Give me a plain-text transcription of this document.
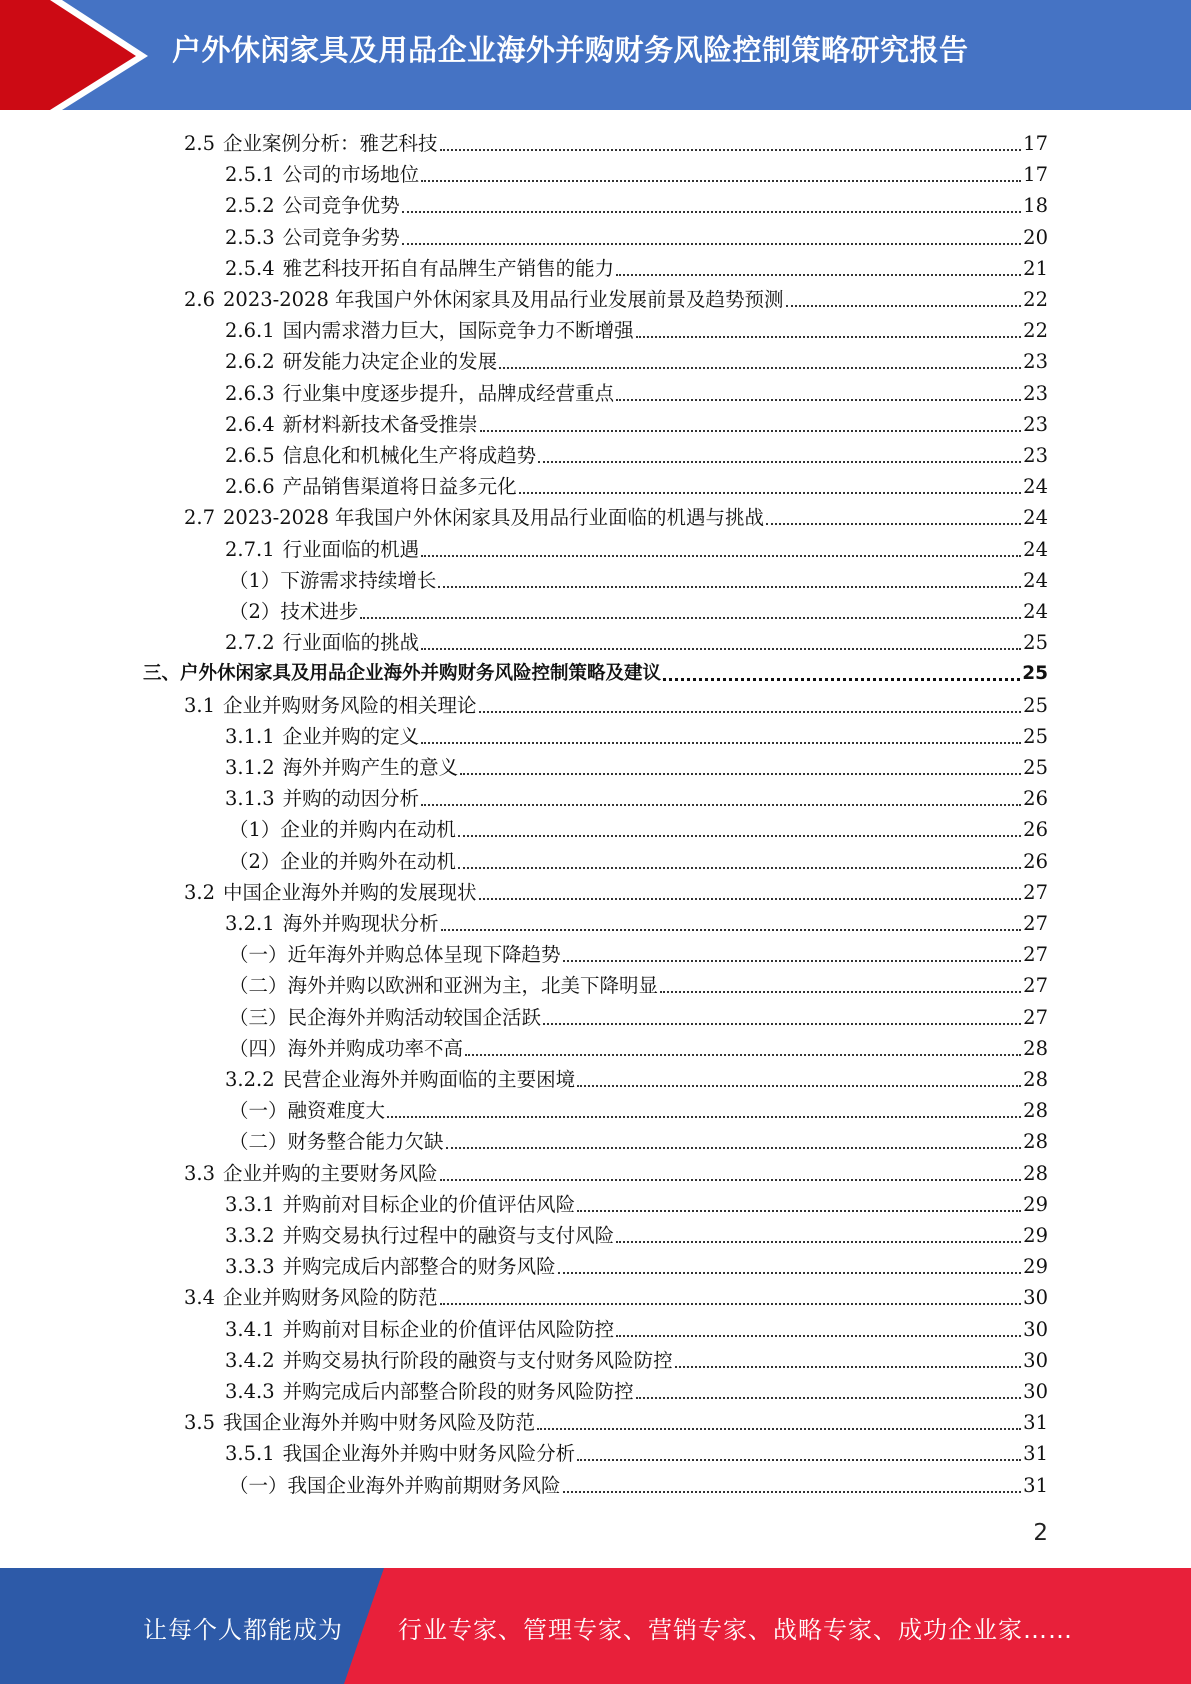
户外休闲家具及用品企业海外并购财务风险控制策略研究报告
2.5 企业案例分析：雅艺科技	17
2.5.1 公司的市场地位	17
2.5.2 公司竞争优势	18
2.5.3 公司竞争劣势	20
2.5.4 雅艺科技开拓自有品牌生产销售的能力	21
2.6 2023-2028 年我国户外休闲家具及用品行业发展前景及趋势预测	22
2.6.1 国内需求潜力巨大，国际竞争力不断增强	22
2.6.2 研发能力决定企业的发展	23
2.6.3 行业集中度逐步提升，品牌成经营重点	23
2.6.4 新材料新技术备受推崇	23
2.6.5 信息化和机械化生产将成趋势	23
2.6.6 产品销售渠道将日益多元化	24
2.7 2023-2028 年我国户外休闲家具及用品行业面临的机遇与挑战	24
2.7.1 行业面临的机遇	24
（1）下游需求持续增长	24
（2）技术进步	24
2.7.2 行业面临的挑战	25
三、户外休闲家具及用品企业海外并购财务风险控制策略及建议	25
3.1 企业并购财务风险的相关理论	25
3.1.1 企业并购的定义	25
3.1.2 海外并购产生的意义	25
3.1.3 并购的动因分析	26
（1）企业的并购内在动机	26
（2）企业的并购外在动机	26
3.2 中国企业海外并购的发展现状	27
3.2.1 海外并购现状分析	27
（一）近年海外并购总体呈现下降趋势	27
（二）海外并购以欧洲和亚洲为主，北美下降明显	27
（三）民企海外并购活动较国企活跃	27
（四）海外并购成功率不高	28
3.2.2 民营企业海外并购面临的主要困境	28
（一）融资难度大	28
（二）财务整合能力欠缺	28
3.3 企业并购的主要财务风险	28
3.3.1 并购前对目标企业的价值评估风险	29
3.3.2 并购交易执行过程中的融资与支付风险	29
3.3.3 并购完成后内部整合的财务风险	29
3.4 企业并购财务风险的防范	30
3.4.1 并购前对目标企业的价值评估风险防控	30
3.4.2 并购交易执行阶段的融资与支付财务风险防控	30
3.4.3 并购完成后内部整合阶段的财务风险防控	30
3.5 我国企业海外并购中财务风险及防范	31
3.5.1 我国企业海外并购中财务风险分析	31
（一）我国企业海外并购前期财务风险	31
2
让每个人都能成为 行业专家、管理专家、营销专家、战略专家、成功企业家……
